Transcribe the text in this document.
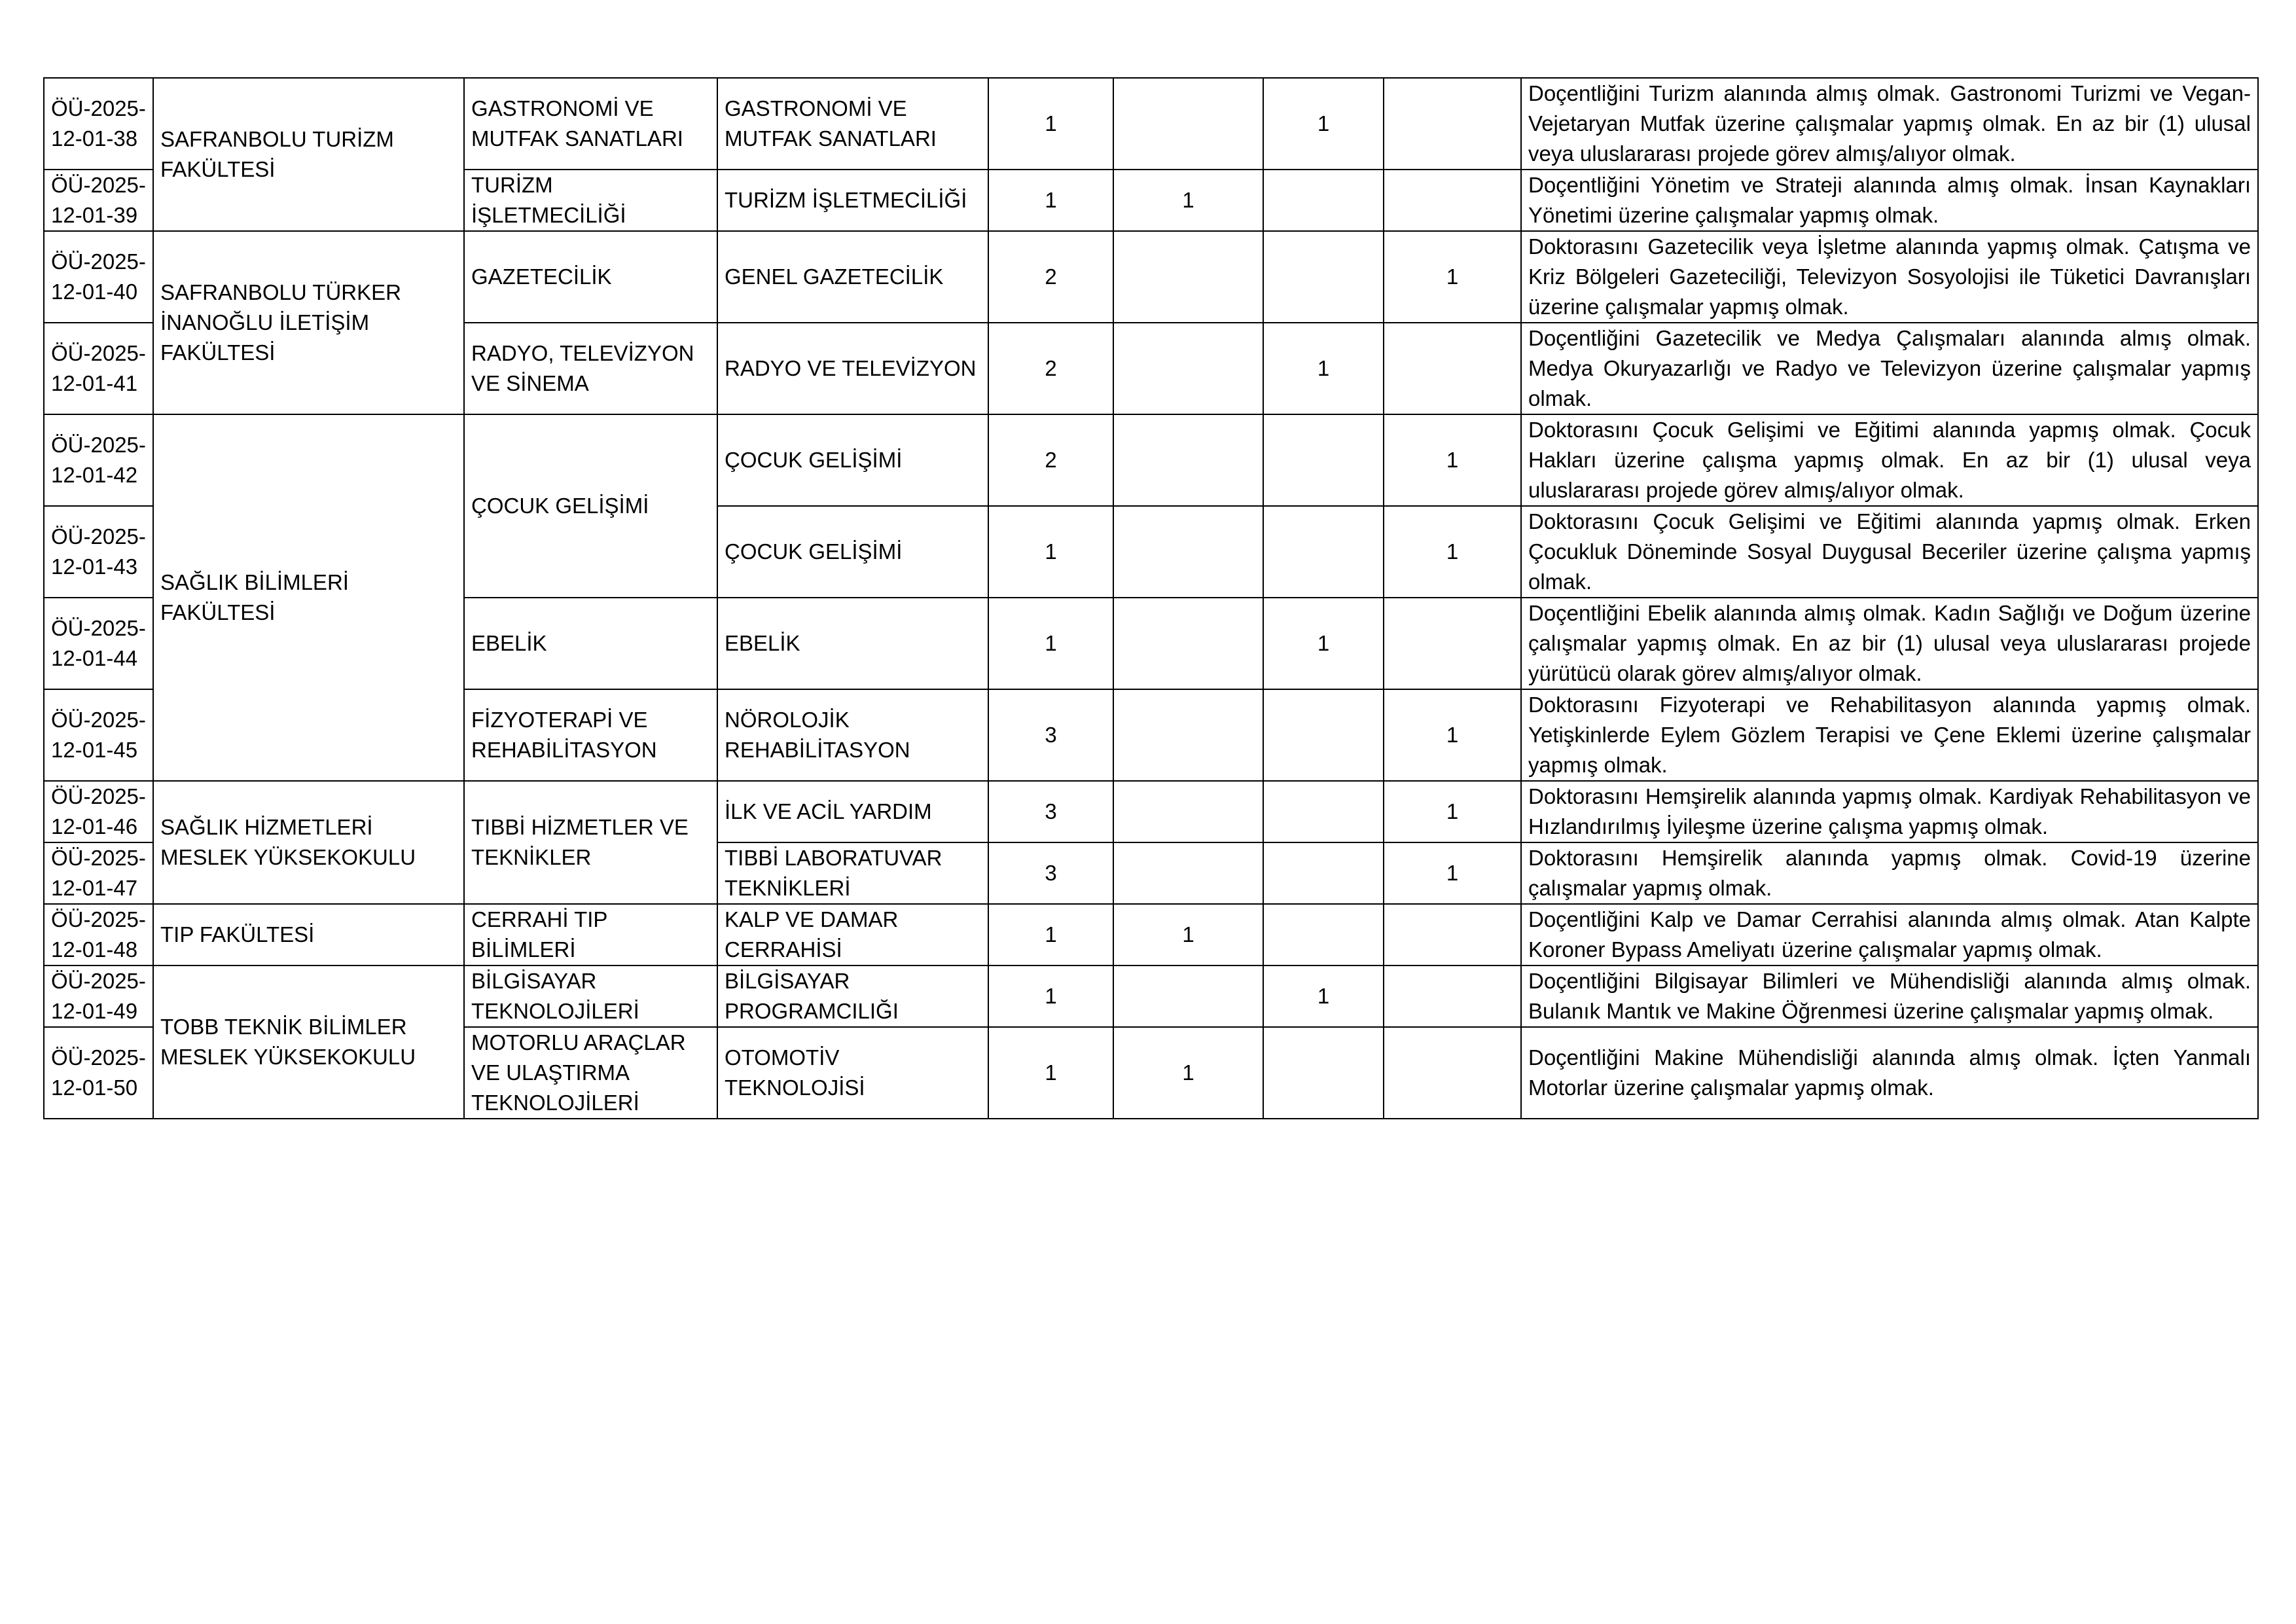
ÖÜ-2025-12-01-38	SAFRANBOLU TURİZM FAKÜLTESİ	GASTRONOMİ VE MUTFAK SANATLARI	GASTRONOMİ VE MUTFAK SANATLARI	1		1		Doçentliğini Turizm alanında almış olmak. Gastronomi Turizmi ve Vegan-Vejetaryan Mutfak üzerine çalışmalar yapmış olmak. En az bir (1) ulusal veya uluslararası projede görev almış/alıyor olmak.
ÖÜ-2025-12-01-39		TURİZM İŞLETMECİLİĞİ	TURİZM İŞLETMECİLİĞİ	1	1			Doçentliğini Yönetim ve Strateji alanında almış olmak. İnsan Kaynakları Yönetimi üzerine çalışmalar yapmış olmak.
ÖÜ-2025-12-01-40	SAFRANBOLU TÜRKER İNANOĞLU İLETİŞİM FAKÜLTESİ	GAZETECİLİK	GENEL GAZETECİLİK	2			1	Doktorasını Gazetecilik veya İşletme alanında yapmış olmak. Çatışma ve Kriz Bölgeleri Gazeteciliği, Televizyon Sosyolojisi ile Tüketici Davranışları üzerine çalışmalar yapmış olmak.
ÖÜ-2025-12-01-41		RADYO, TELEVİZYON VE SİNEMA	RADYO VE TELEVİZYON	2		1		Doçentliğini Gazetecilik ve Medya Çalışmaları alanında almış olmak. Medya Okuryazarlığı ve Radyo ve Televizyon üzerine çalışmalar yapmış olmak.
ÖÜ-2025-12-01-42	SAĞLIK BİLİMLERİ FAKÜLTESİ	ÇOCUK GELİŞİMİ	ÇOCUK GELİŞİMİ	2			1	Doktorasını Çocuk Gelişimi ve Eğitimi alanında yapmış olmak. Çocuk Hakları üzerine çalışma yapmış olmak. En az bir (1) ulusal veya uluslararası projede görev almış/alıyor olmak.
ÖÜ-2025-12-01-43			ÇOCUK GELİŞİMİ	1			1	Doktorasını Çocuk Gelişimi ve Eğitimi alanında yapmış olmak. Erken Çocukluk Döneminde Sosyal Duygusal Beceriler üzerine çalışma yapmış olmak.
ÖÜ-2025-12-01-44		EBELİK	EBELİK	1		1		Doçentliğini Ebelik alanında almış olmak. Kadın Sağlığı ve Doğum üzerine çalışmalar yapmış olmak. En az bir (1) ulusal veya uluslararası projede yürütücü olarak görev almış/alıyor olmak.
ÖÜ-2025-12-01-45		FİZYOTERAPİ VE REHABİLİTASYON	NÖROLOJİK REHABİLİTASYON	3			1	Doktorasını Fizyoterapi ve Rehabilitasyon alanında yapmış olmak. Yetişkinlerde Eylem Gözlem Terapisi ve Çene Eklemi üzerine çalışmalar yapmış olmak.
ÖÜ-2025-12-01-46	SAĞLIK HİZMETLERİ MESLEK YÜKSEKOKULU	TIBBİ HİZMETLER VE TEKNİKLER	İLK VE ACİL YARDIM	3			1	Doktorasını Hemşirelik alanında yapmış olmak. Kardiyak Rehabilitasyon ve Hızlandırılmış İyileşme üzerine çalışma yapmış olmak.
ÖÜ-2025-12-01-47			TIBBİ LABORATUVAR TEKNİKLERİ	3			1	Doktorasını Hemşirelik alanında yapmış olmak. Covid-19 üzerine çalışmalar yapmış olmak.
ÖÜ-2025-12-01-48	TIP FAKÜLTESİ	CERRAHİ TIP BİLİMLERİ	KALP VE DAMAR CERRAHİSİ	1	1			Doçentliğini Kalp ve Damar Cerrahisi alanında almış olmak. Atan Kalpte Koroner Bypass Ameliyatı üzerine çalışmalar yapmış olmak.
ÖÜ-2025-12-01-49	TOBB TEKNİK BİLİMLER MESLEK YÜKSEKOKULU	BİLGİSAYAR TEKNOLOJİLERİ	BİLGİSAYAR PROGRAMCILIĞI	1		1		Doçentliğini Bilgisayar Bilimleri ve Mühendisliği alanında almış olmak. Bulanık Mantık ve Makine Öğrenmesi üzerine çalışmalar yapmış olmak.
ÖÜ-2025-12-01-50		MOTORLU ARAÇLAR VE ULAŞTIRMA TEKNOLOJİLERİ	OTOMOTİV TEKNOLOJİSİ	1	1			Doçentliğini Makine Mühendisliği alanında almış olmak. İçten Yanmalı Motorlar üzerine çalışmalar yapmış olmak.
